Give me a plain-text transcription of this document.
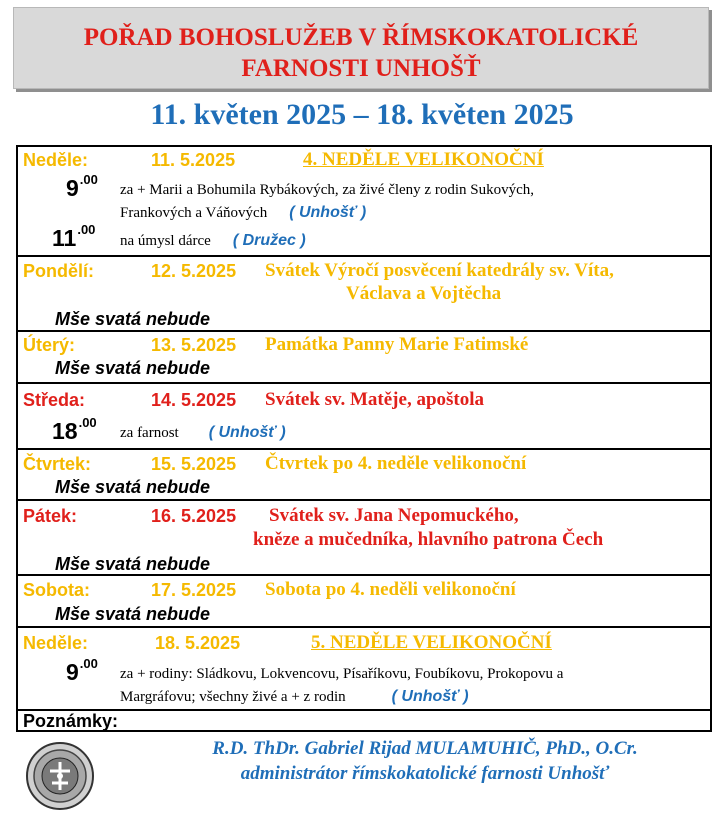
POŘAD BOHOSLUŽEB V ŘÍMSKOKATOLICKÉ
FARNOSTI UNHOŠŤ
11. květen 2025 – 18. květen 2025
Neděle:	11. 5.2025	4. NEDĚLE VELIKONOČNÍ
$9^{.00}$
za + Marii a Bohumila Rybákových, za živé členy z rodin Sukových,
Frankových a Váňových ( Unhošť )
$11^{.00}$
na úmysl dárce ( Družec )
Pondělí:	12. 5.2025 Svátek Výročí posvěcení katedrály sv. Víta,
Václava a Vojtěcha
Mše svatá nebude
Úterý:	13. 5.2025 Památka Panny Marie Fatimské
Mše svatá nebude
Středa:	14. 5.2025 Svátek sv. Matěje, apoštola
$18^{.00}$
za farnost ( Unhošť )
Čtvrtek:	15. 5.2025 Čtvrtek po 4. neděle velikonoční
Mše svatá nebude
Pátek:	16. 5.2025 Svátek sv. Jana Nepomuckého,
kněze a mučedníka, hlavního patrona Čech
Mše svatá nebude
Sobota:	17. 5.2025 Sobota po 4. neděli velikonoční
Mše svatá nebude
Neděle:	18. 5.2025	5. NEDĚLE VELIKONOČNÍ
$9^{.00}$
za + rodiny: Sládkovu, Lokvencovu, Písaříkovu, Foubíkovu, Prokopovu a
Margráfovu; všechny živé a + z rodin	( Unhošť )
Poznámky:
R.D. ThDr. Gabriel Rijad MULAMUHIČ, PhD., O.Cr.
administrátor římskokatolické farnosti Unhošť
